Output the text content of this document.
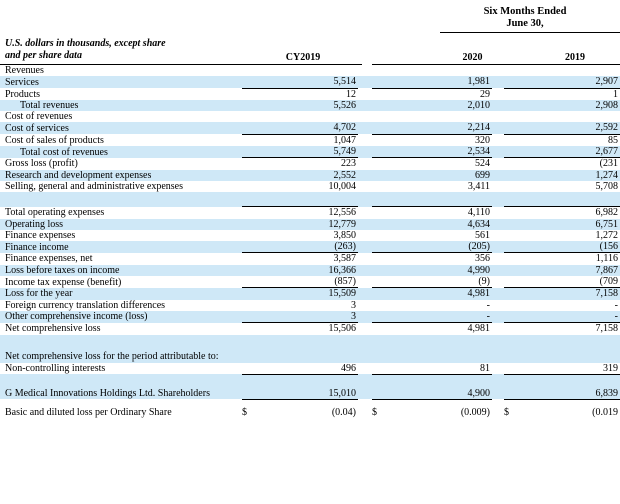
Six Months Ended
June 30,
U.S. dollars in thousands, except share
and per share data	CY2019	2020	2019
Revenues								
Services		5,514			1,981			2,907
Products		12			29			1
Total revenues		5,526			2,010			2,908
Cost of revenues								
Cost of services		4,702			2,214			2,592
Cost of sales of products		1,047			320			85
Total cost of revenues		5,749			2,534			2,677
Gross loss (profit)		223			524			(231
Research and development expenses		2,552			699			1,274
Selling, general and administrative expenses		10,004			3,411			5,708

Total operating expenses		12,556			4,110			6,982
Operating loss		12,779			4,634			6,751
Finance expenses		3,850			561			1,272
Finance income		(263)			(205)			(156
Finance expenses, net		3,587			356			1,116
Loss before taxes on income		16,366			4,990			7,867
Income tax expense (benefit)		(857)			(9)			(709
Loss for the year		15,509			4,981			7,158
Foreign currency translation differences		3			-			-
Other comprehensive income (loss)		3			-			-
Net comprehensive loss		15,506			4,981			7,158
Net comprehensive loss for the period attributable to:								
Non-controlling interests		496			81			319
G Medical Innovations Holdings Ltd. Shareholders		15,010			4,900			6,839
Basic and diluted loss per Ordinary Share	$	(0.04)		$	(0.009)		$	(0.019
